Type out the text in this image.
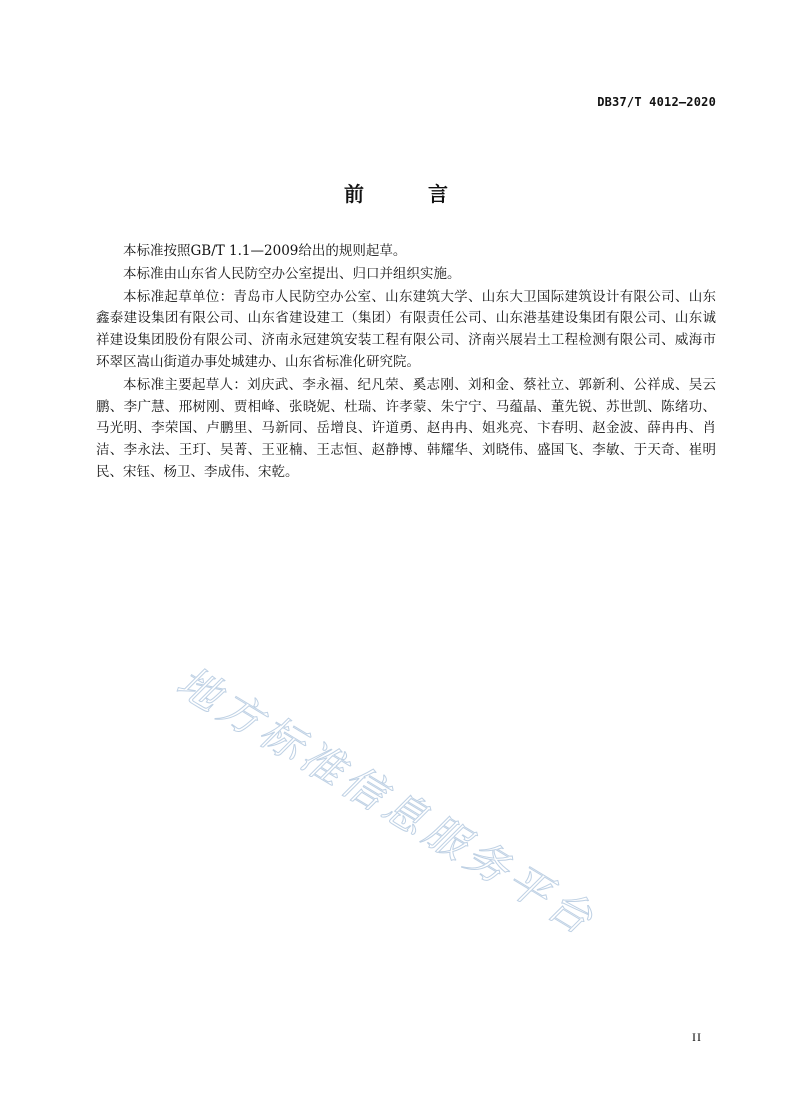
DB37/T 4012—2020
前　言

本标准按照GB/T 1.1—2009给出的规则起草。

本标准由山东省人民防空办公室提出、归口并组织实施。

本标准起草单位：青岛市人民防空办公室、山东建筑大学、山东大卫国际建筑设计有限公司、山东鑫泰建设集团有限公司、山东省建设建工（集团）有限责任公司、山东港基建设集团有限公司、山东诚祥建设集团股份有限公司、济南永冠建筑安装工程有限公司、济南兴展岩土工程检测有限公司、威海市环翠区嵩山街道办事处城建办、山东省标准化研究院。

本标准主要起草人：刘庆武、李永福、纪凡荣、奚志刚、刘和金、蔡社立、郭新利、公祥成、吴云鹏、李广慧、邢树刚、贾相峰、张晓妮、杜瑞、许孝蒙、朱宁宁、马蕴晶、董先锐、苏世凯、陈绪功、马光明、李荣国、卢鹏里、马新同、岳增良、许道勇、赵冉冉、姐兆亮、卞春明、赵金波、薛冉冉、肖洁、李永法、王玎、吴菁、王亚楠、王志恒、赵静博、韩耀华、刘晓伟、盛国飞、李敏、于天奇、崔明民、宋钰、杨卫、李成伟、宋乾。

地方标准信息服务平台
II
